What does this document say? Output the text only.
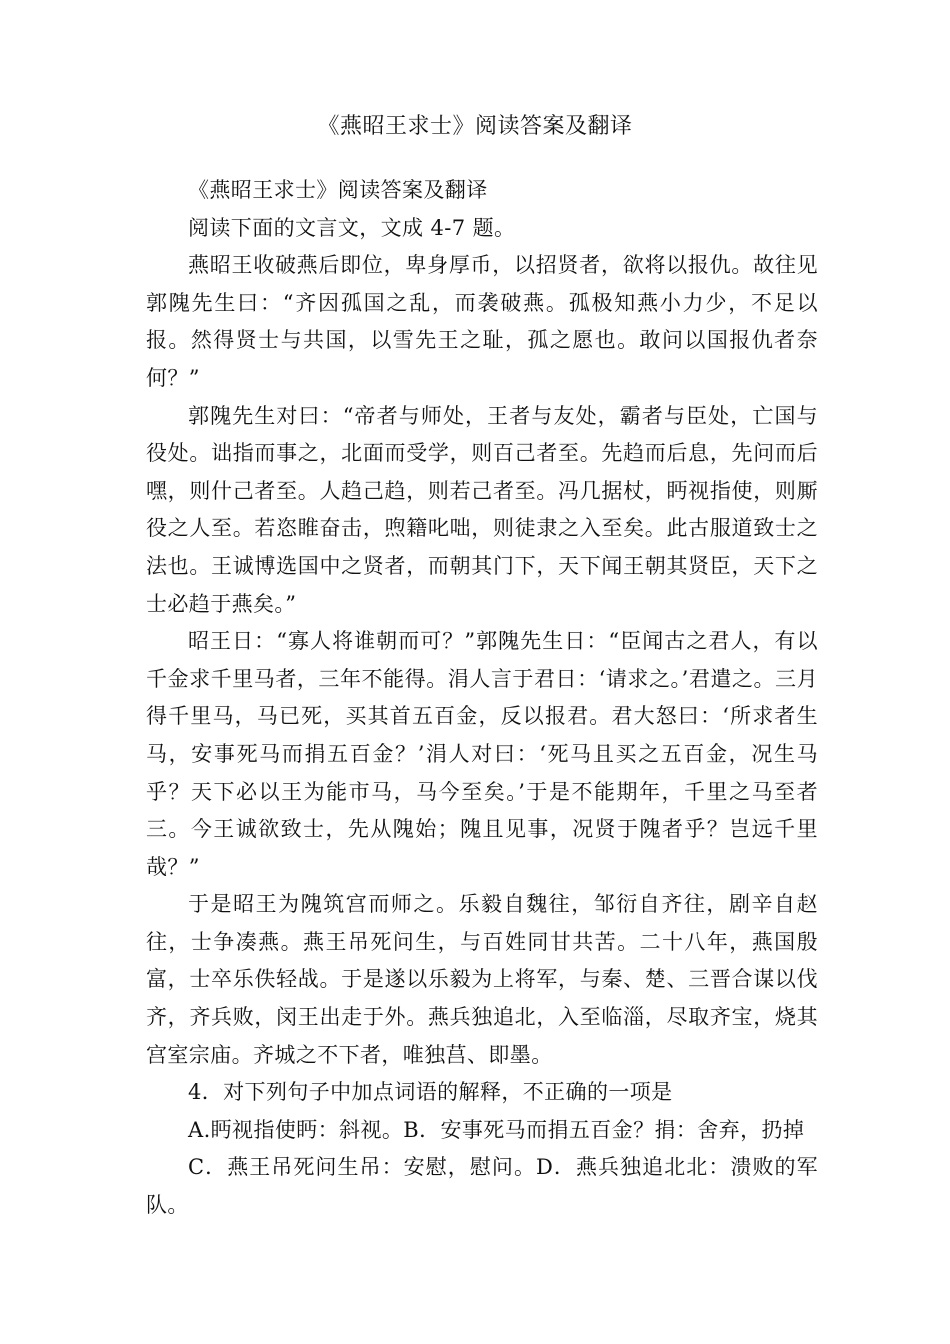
《燕昭王求士》阅读答案及翻译

《燕昭王求士》阅读答案及翻译

阅读下面的文言文，文成 4-7 题。

燕昭王收破燕后即位，卑身厚币，以招贤者，欲将以报仇。故往见郭隗先生曰：“齐因孤国之乱，而袭破燕。孤极知燕小力少，不足以报。然得贤士与共国，以雪先王之耻，孤之愿也。敢问以国报仇者奈何？”

郭隗先生对曰：“帝者与师处，王者与友处，霸者与臣处，亡国与役处。诎指而事之，北面而受学，则百己者至。先趋而后息，先问而后嘿，则什己者至。人趋己趋，则若己者至。冯几据杖，眄视指使，则厮役之人至。若恣睢奋击，喣籍叱咄，则徒隶之入至矣。此古服道致士之法也。王诚博选国中之贤者，而朝其门下，天下闻王朝其贤臣，天下之士必趋于燕矣。”

昭王日：“寡人将谁朝而可？”郭隗先生日：“臣闻古之君人，有以千金求千里马者，三年不能得。涓人言于君日：‘请求之。’君遣之。三月得千里马，马已死，买其首五百金，反以报君。君大怒曰：‘所求者生马，安事死马而捐五百金？’涓人对曰：‘死马且买之五百金，况生马乎？天下必以王为能市马，马今至矣。’于是不能期年，千里之马至者三。今王诚欲致士，先从隗始；隗且见事，况贤于隗者乎？岂远千里哉？”

于是昭王为隗筑宫而师之。乐毅自魏往，邹衍自齐往，剧辛自赵往，士争凑燕。燕王吊死问生，与百姓同甘共苦。二十八年，燕国殷富，士卒乐佚轻战。于是遂以乐毅为上将军，与秦、楚、三晋合谋以伐齐，齐兵败，闵王出走于外。燕兵独追北，入至临淄，尽取齐宝，烧其宫室宗庙。齐城之不下者，唯独莒、即墨。

4．对下列句子中加点词语的解释，不正确的一项是

A.眄视指使眄：斜视。B．安事死马而捐五百金？捐：舍弃，扔掉

C．燕王吊死问生吊：安慰，慰问。D．燕兵独追北北：溃败的军队。
